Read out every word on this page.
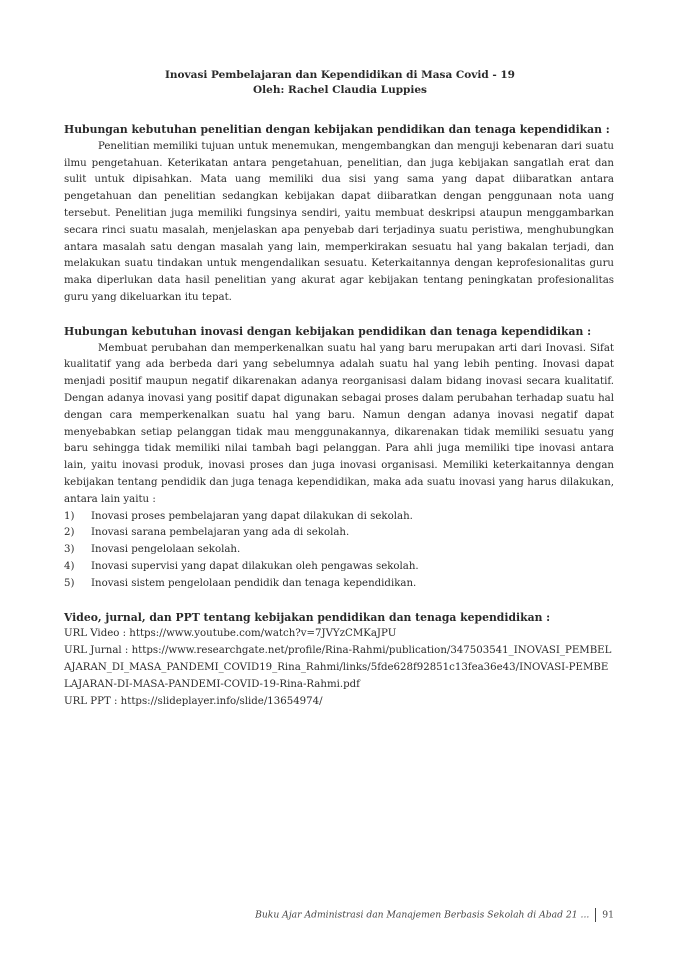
Inovasi Pembelajaran dan Kependidikan di Masa Covid - 19
Oleh: Rachel Claudia Luppies

Hubungan kebutuhan penelitian dengan kebijakan pendidikan dan tenaga kependidikan :

Penelitian memiliki tujuan untuk menemukan, mengembangkan dan menguji kebenaran dari suatu ilmu pengetahuan. Keterikatan antara pengetahuan, penelitian, dan juga kebijakan sangatlah erat dan sulit untuk dipisahkan. Mata uang memiliki dua sisi yang sama yang dapat diibaratkan antara pengetahuan dan penelitian sedangkan kebijakan dapat diibaratkan dengan penggunaan nota uang tersebut. Penelitian juga memiliki fungsinya sendiri, yaitu membuat deskripsi ataupun menggambarkan secara rinci suatu masalah, menjelaskan apa penyebab dari terjadinya suatu peristiwa, menghubungkan antara masalah satu dengan masalah yang lain, memperkirakan sesuatu hal yang bakalan terjadi, dan melakukan suatu tindakan untuk mengendalikan sesuatu. Keterkaitannya dengan keprofesionalitas guru maka diperlukan data hasil penelitian yang akurat agar kebijakan tentang peningkatan profesionalitas guru yang dikeluarkan itu tepat.

Hubungan kebutuhan inovasi dengan kebijakan pendidikan dan tenaga kependidikan :

Membuat perubahan dan memperkenalkan suatu hal yang baru merupakan arti dari Inovasi. Sifat kualitatif yang ada berbeda dari yang sebelumnya adalah suatu hal yang lebih penting. Inovasi dapat menjadi positif maupun negatif dikarenakan adanya reorganisasi dalam bidang inovasi secara kualitatif. Dengan adanya inovasi yang positif dapat digunakan sebagai proses dalam perubahan terhadap suatu hal dengan cara memperkenalkan suatu hal yang baru. Namun dengan adanya inovasi negatif dapat menyebabkan setiap pelanggan tidak mau menggunakannya, dikarenakan tidak memiliki sesuatu yang baru sehingga tidak memiliki nilai tambah bagi pelanggan. Para ahli juga memiliki tipe inovasi antara lain, yaitu inovasi produk, inovasi proses dan juga inovasi organisasi. Memiliki keterkaitannya dengan kebijakan tentang pendidik dan juga tenaga kependidikan, maka ada suatu inovasi yang harus dilakukan, antara lain yaitu :

1)	Inovasi proses pembelajaran yang dapat dilakukan di sekolah.
2)	Inovasi sarana pembelajaran yang ada di sekolah.
3)	Inovasi pengelolaan sekolah.
4)	Inovasi supervisi yang dapat dilakukan oleh pengawas sekolah.
5)	Inovasi sistem pengelolaan pendidik dan tenaga kependidikan.

Video, jurnal, dan PPT tentang kebijakan pendidikan dan tenaga kependidikan :

URL Video : https://www.youtube.com/watch?v=7JVYzCMKaJPU

URL Jurnal : https://www.researchgate.net/profile/Rina-Rahmi/publication/347503541_INOVASI_PEMBELAJARAN_DI_MASA_PANDEMI_COVID19_Rina_Rahmi/links/5fde628f92851c13fea36e43/INOVASI-PEMBELAJARAN-DI-MASA-PANDEMI-COVID-19-Rina-Rahmi.pdf

URL PPT : https://slideplayer.info/slide/13654974/

Buku Ajar Administrasi dan Manajemen Berbasis Sekolah di Abad 21 ... 91
